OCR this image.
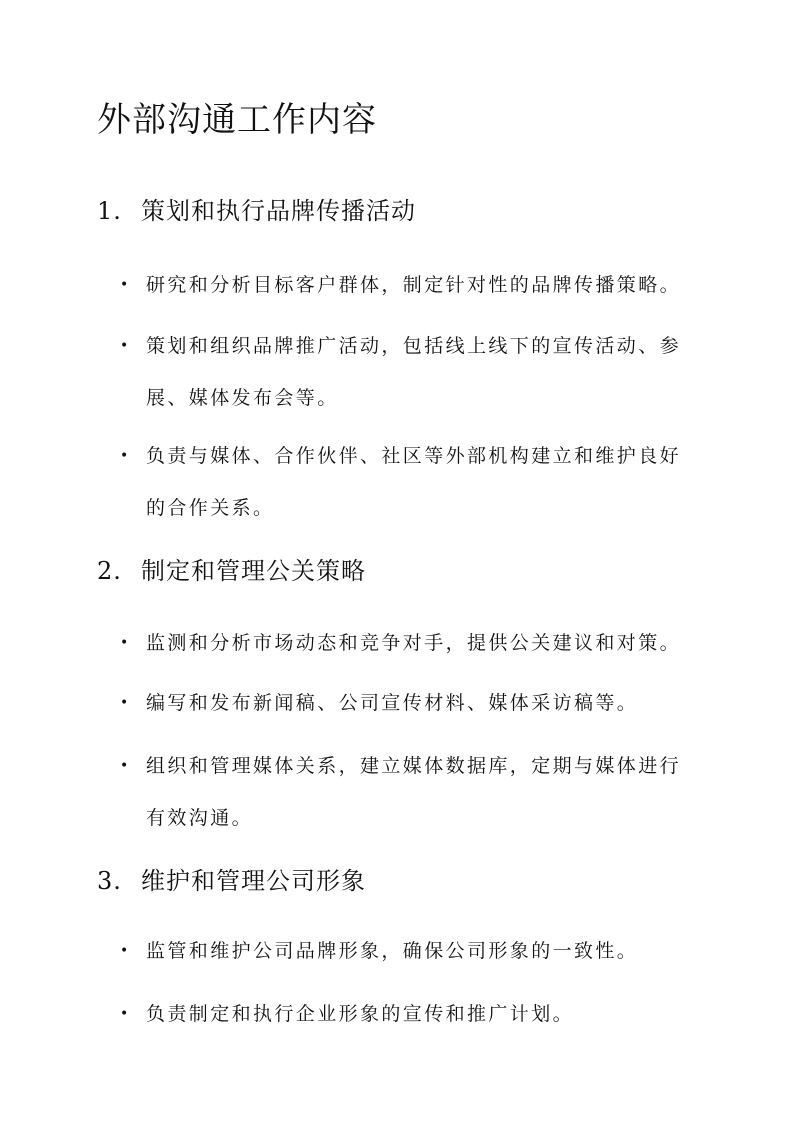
外部沟通工作内容
1. 策划和执行品牌传播活动
• 研究和分析目标客户群体，制定针对性的品牌传播策略。
• 策划和组织品牌推广活动，包括线上线下的宣传活动、参展、媒体发布会等。
• 负责与媒体、合作伙伴、社区等外部机构建立和维护良好的合作关系。
2. 制定和管理公关策略
• 监测和分析市场动态和竞争对手，提供公关建议和对策。
• 编写和发布新闻稿、公司宣传材料、媒体采访稿等。
• 组织和管理媒体关系，建立媒体数据库，定期与媒体进行有效沟通。
3. 维护和管理公司形象
• 监管和维护公司品牌形象，确保公司形象的一致性。
• 负责制定和执行企业形象的宣传和推广计划。
